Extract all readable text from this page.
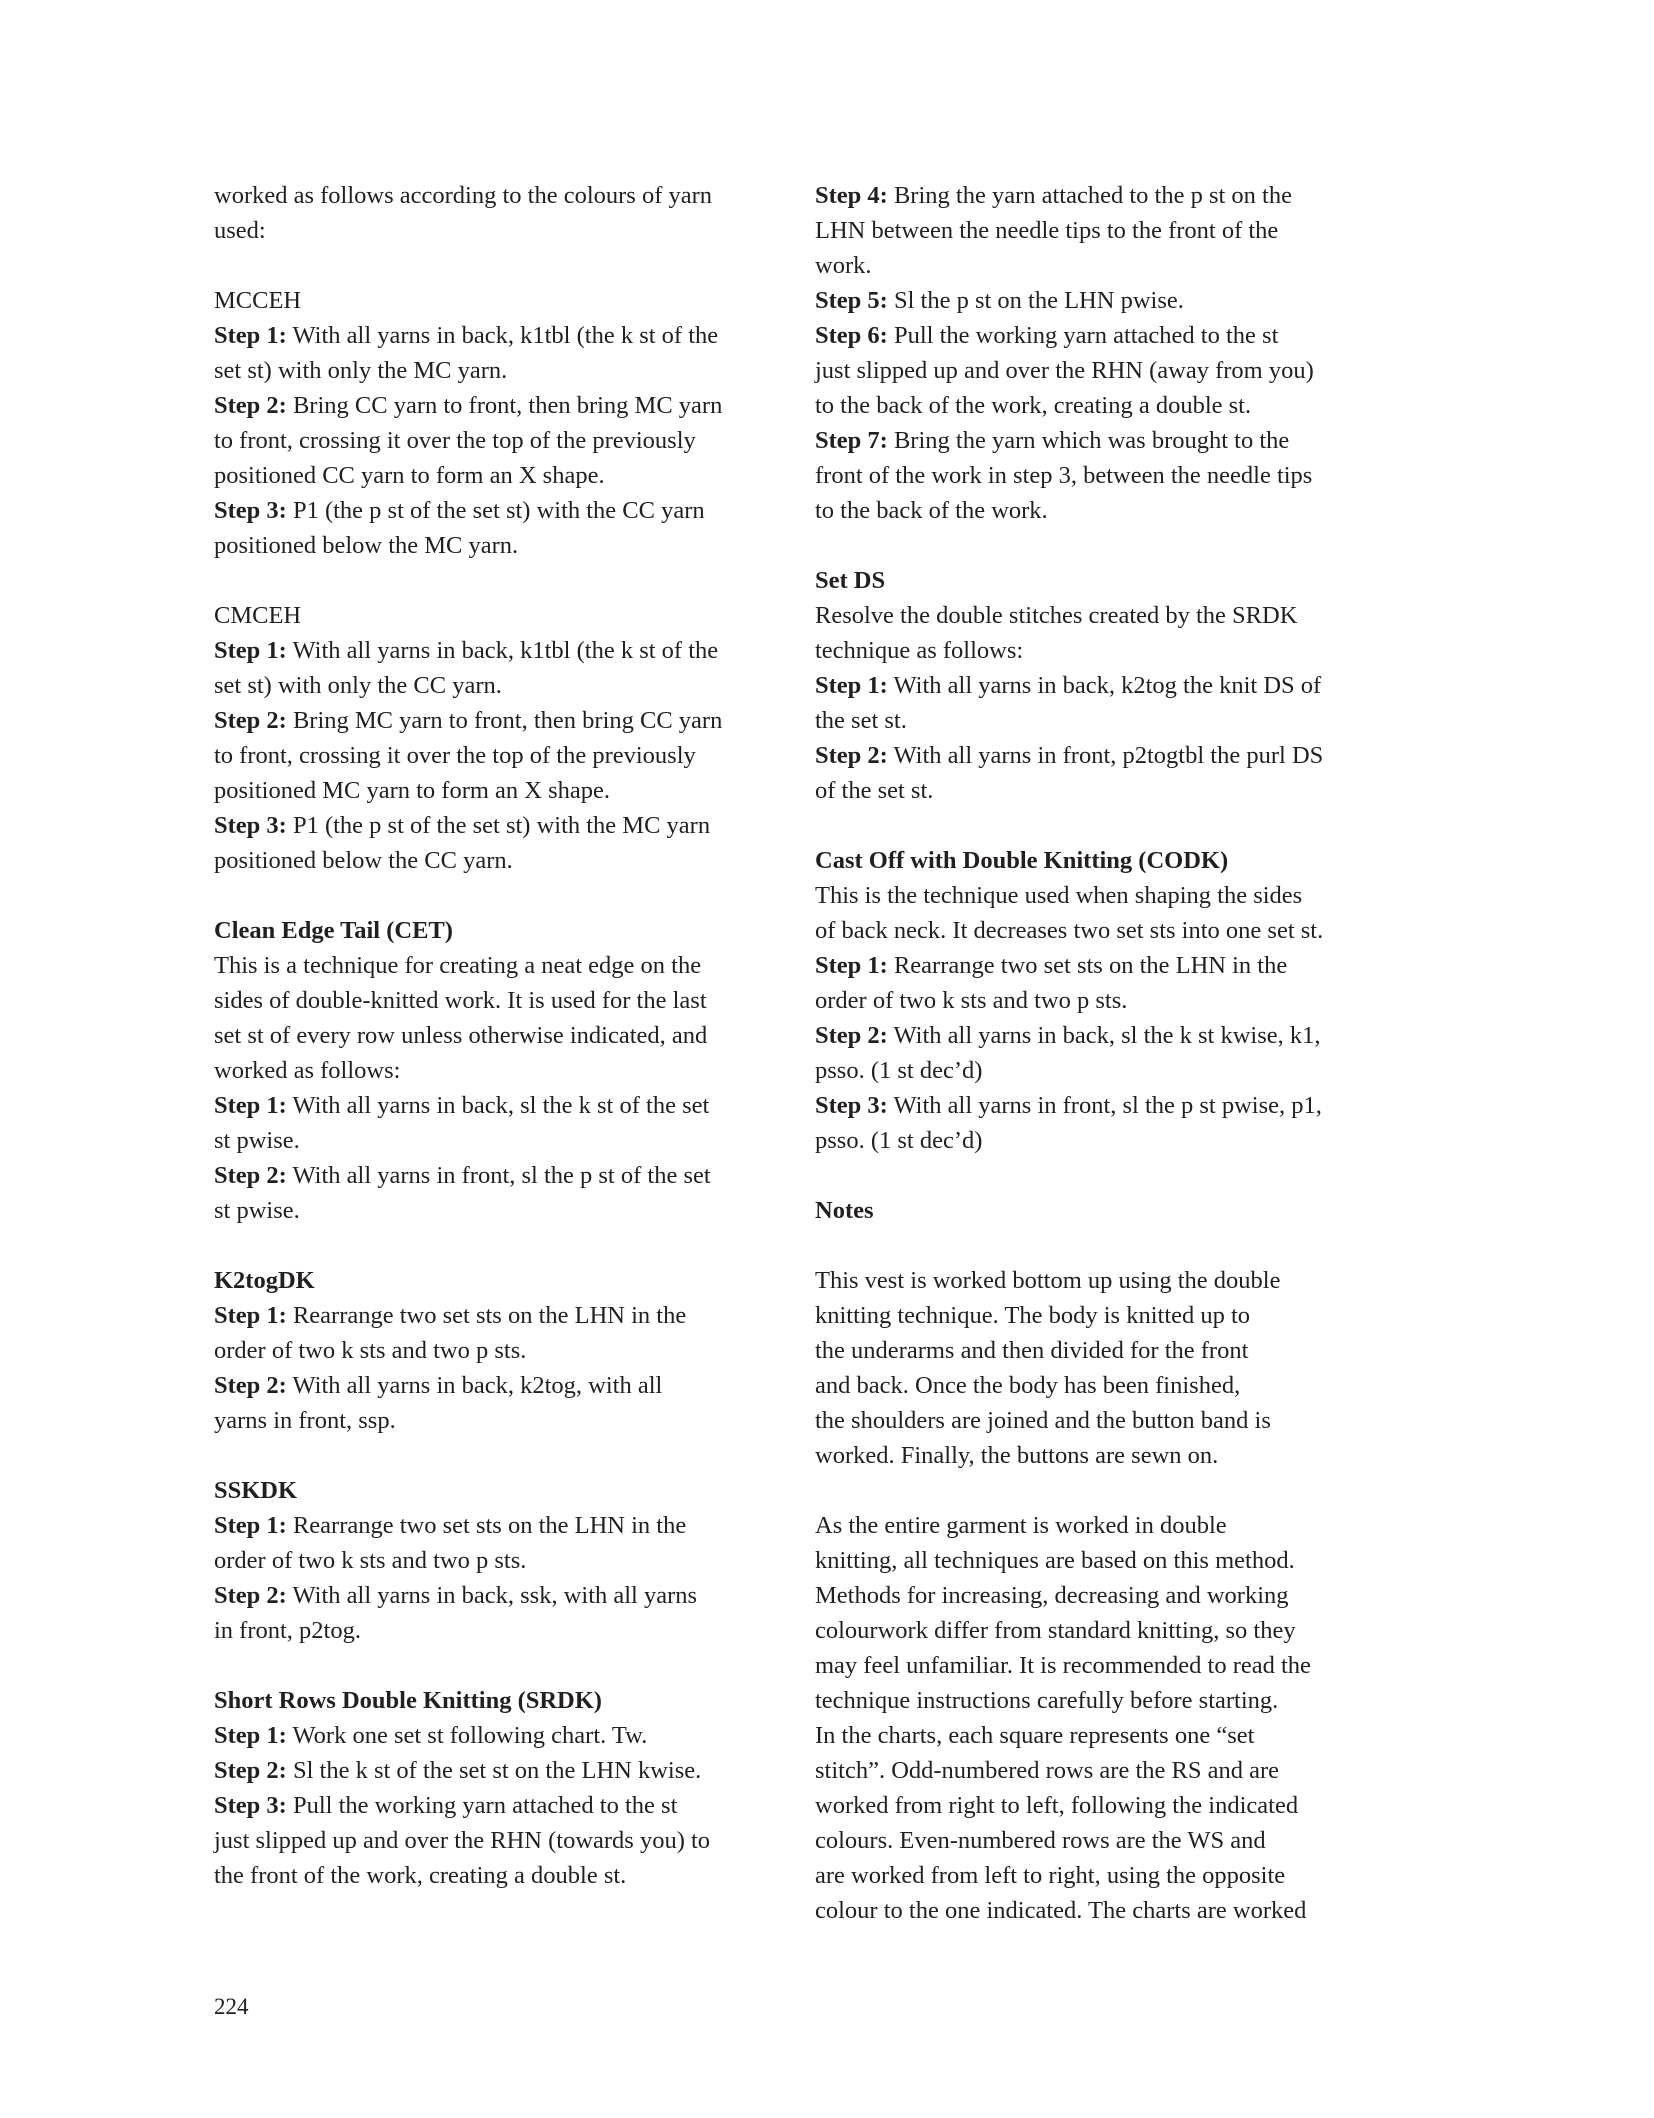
worked as follows according to the colours of yarn
used:
MCCEH
Step 1: With all yarns in back, k1tbl (the k st of the
set st) with only the MC yarn.
Step 2: Bring CC yarn to front, then bring MC yarn
to front, crossing it over the top of the previously
positioned CC yarn to form an X shape.
Step 3: P1 (the p st of the set st) with the CC yarn
positioned below the MC yarn.
CMCEH
Step 1: With all yarns in back, k1tbl (the k st of the
set st) with only the CC yarn.
Step 2: Bring MC yarn to front, then bring CC yarn
to front, crossing it over the top of the previously
positioned MC yarn to form an X shape.
Step 3: P1 (the p st of the set st) with the MC yarn
positioned below the CC yarn.
Clean Edge Tail (CET)
This is a technique for creating a neat edge on the
sides of double-knitted work. It is used for the last
set st of every row unless otherwise indicated, and
worked as follows:
Step 1: With all yarns in back, sl the k st of the set
st pwise.
Step 2: With all yarns in front, sl the p st of the set
st pwise.
K2togDK
Step 1: Rearrange two set sts on the LHN in the
order of two k sts and two p sts.
Step 2: With all yarns in back, k2tog, with all
yarns in front, ssp.
SSKDK
Step 1: Rearrange two set sts on the LHN in the
order of two k sts and two p sts.
Step 2: With all yarns in back, ssk, with all yarns
in front, p2tog.
Short Rows Double Knitting (SRDK)
Step 1: Work one set st following chart. Tw.
Step 2: Sl the k st of the set st on the LHN kwise.
Step 3: Pull the working yarn attached to the st
just slipped up and over the RHN (towards you) to
the front of the work, creating a double st.
Step 4: Bring the yarn attached to the p st on the
LHN between the needle tips to the front of the
work.
Step 5: Sl the p st on the LHN pwise.
Step 6: Pull the working yarn attached to the st
just slipped up and over the RHN (away from you)
to the back of the work, creating a double st.
Step 7: Bring the yarn which was brought to the
front of the work in step 3, between the needle tips
to the back of the work.
Set DS
Resolve the double stitches created by the SRDK
technique as follows:
Step 1: With all yarns in back, k2tog the knit DS of
the set st.
Step 2: With all yarns in front, p2togtbl the purl DS
of the set st.
Cast Off with Double Knitting (CODK)
This is the technique used when shaping the sides
of back neck. It decreases two set sts into one set st.
Step 1: Rearrange two set sts on the LHN in the
order of two k sts and two p sts.
Step 2: With all yarns in back, sl the k st kwise, k1,
psso. (1 st dec’d)
Step 3: With all yarns in front, sl the p st pwise, p1,
psso. (1 st dec’d)
Notes
This vest is worked bottom up using the double
knitting technique. The body is knitted up to
the underarms and then divided for the front
and back. Once the body has been finished,
the shoulders are joined and the button band is
worked. Finally, the buttons are sewn on.
As the entire garment is worked in double
knitting, all techniques are based on this method.
Methods for increasing, decreasing and working
colourwork differ from standard knitting, so they
may feel unfamiliar. It is recommended to read the
technique instructions carefully before starting.
In the charts, each square represents one “set
stitch”. Odd-numbered rows are the RS and are
worked from right to left, following the indicated
colours. Even-numbered rows are the WS and
are worked from left to right, using the opposite
colour to the one indicated. The charts are worked
224
